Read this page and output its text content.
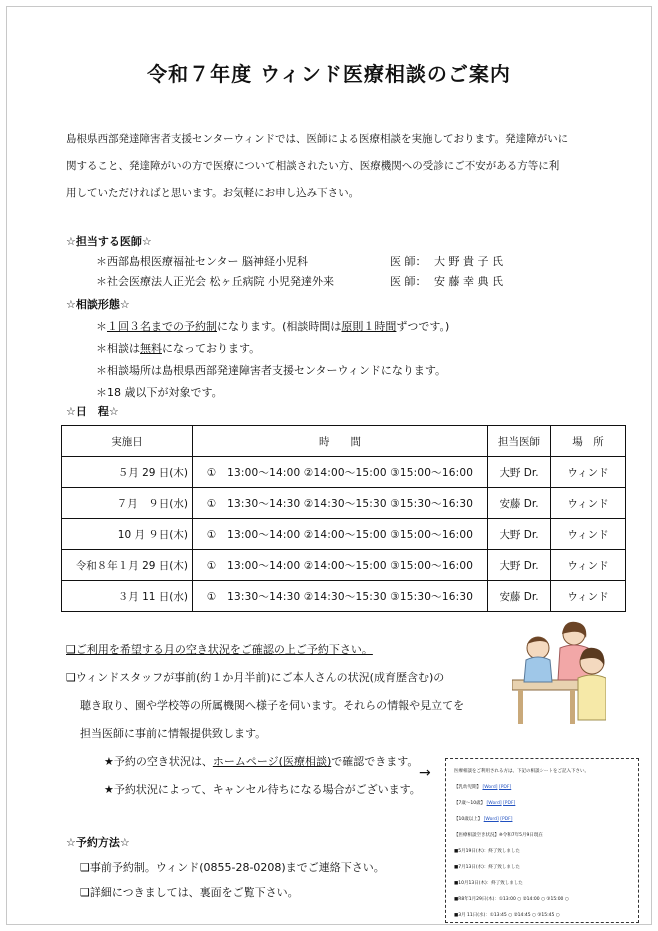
令和７年度 ウィンド医療相談のご案内

島根県西部発達障害者支援センターウィンドでは、医師による医療相談を実施しております。発達障がいに

関すること、発達障がいの方で医療について相談されたい方、医療機関への受診にご不安がある方等に利

用していただければと思います。お気軽にお申し込み下さい。

☆担当する医師☆
＊西部島根医療福祉センター 脳神経小児科	医 師： 大 野 貴 子 氏
＊社会医療法人正光会 松ヶ丘病院 小児発達外来	医 師： 安 藤 幸 典 氏
☆相談形態☆
＊１回３名までの予約制になります。(相談時間は原則１時間ずつです。)
＊相談は無料になっております。
＊相談場所は島根県西部発達障害者支援センターウィンドになります。
＊18 歳以下が対象です。
☆日　程☆
実施日	時　　間	担当医師	場　所
５月 29 日(木)	①　13:00～14:00 ②14:00～15:00 ③15:00～16:00	大野 Dr.	ウィンド
７月　９日(水)	①　13:30～14:30 ②14:30～15:30 ③15:30～16:30	安藤 Dr.	ウィンド
10 月 ９日(木)	①　13:00～14:00 ②14:00～15:00 ③15:00～16:00	大野 Dr.	ウィンド
令和８年１月 29 日(木)	①　13:00～14:00 ②14:00～15:00 ③15:00～16:00	大野 Dr.	ウィンド
３月 11 日(水)	①　13:30～14:30 ②14:30～15:30 ③15:30～16:30	安藤 Dr.	ウィンド
❑ご利用を希望する月の空き状況をご確認の上ご予約下さい。
❑ウィンドスタッフが事前(約１か月半前)にご本人さんの状況(成育歴含む)の
聴き取り、園や学校等の所属機関へ様子を伺います。それらの情報や見立てを
担当医師に事前に情報提供致します。
★予約の空き状況は、ホームページ(医療相談)で確認できます。
★予約状況によって、キャンセル待ちになる場合がございます。
→	医療相談をご利用される方は、下記の相談シートをご記入下さい。
【乳幼児期】 [Word] [PDF]
【7歳～10歳】 [Word] [PDF]
【10歳以上】 [Word] [PDF]
【医療相談空き状況】※令和7年5月9日現在
■5月19日(木)：終了致しました
■7月13日(水)：終了致しました
■10月13日(木)：終了致しました
■R8年1月29日(木)：①13:00 ○ ②14:00 ○ ③15:00 ○
■3月 11日(水)：①13:45 ○ ②14:45 ○ ③15:45 ○
☆予約方法☆
❑事前予約制。ウィンド(0855-28-0208)までご連絡下さい。
❑詳細につきましては、裏面をご覧下さい。
